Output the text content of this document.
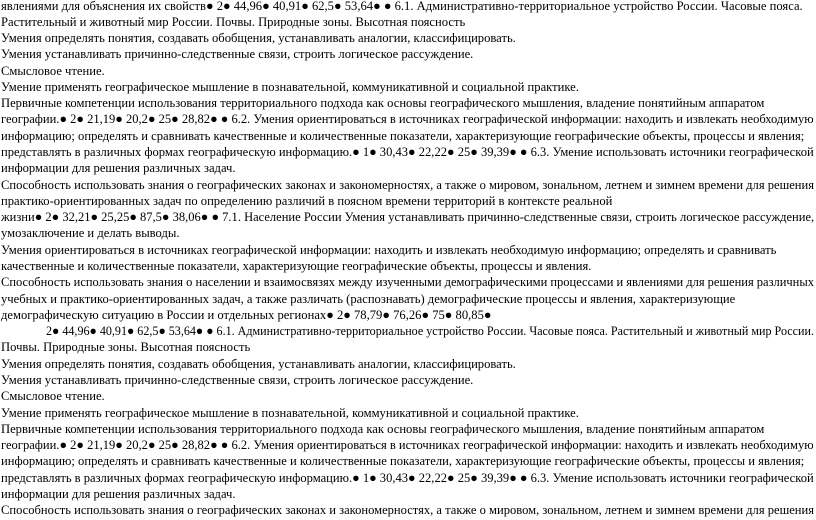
явлениями для объяснения их свойств● 2● 44,96● 40,91● 62,5● 53,64● ● 6.1. Административно-территориальное устройство России. Часовые пояса.
Растительный и животный мир России. Почвы. Природные зоны. Высотная поясность
Умения определять понятия, создавать обобщения, устанавливать аналогии, классифицировать.
Умения устанавливать причинно-следственные связи, строить логическое рассуждение.
Смысловое чтение.
Умение применять географическое мышление в познавательной, коммуникативной и социальной практике.
Первичные компетенции использования территориального подхода как основы географического мышления, владение понятийным аппаратом
географии.● 2● 21,19● 20,2● 25● 28,82● ● 6.2. Умения ориентироваться в источниках географической информации: находить и извлекать необходимую
информацию; определять и сравнивать качественные и количественные показатели, характеризующие географические объекты, процессы и явления;
представлять в различных формах географическую информацию.● 1● 30,43● 22,22● 25● 39,39● ● 6.3. Умение использовать источники географической
информации для решения различных задач.
Способность использовать знания о географических законах и закономерностях, а также о мировом, зональном, летнем и зимнем времени для решения
практико-ориентированных задач по определению различий в поясном времени территорий в контексте реальной
жизни● 2● 32,21● 25,25● 87,5● 38,06● ● 7.1. Население России Умения устанавливать причинно-следственные связи, строить логическое рассуждение,
умозаключение и делать выводы.
Умения ориентироваться в источниках географической информации: находить и извлекать необходимую информацию; определять и сравнивать
качественные и количественные показатели, характеризующие географические объекты, процессы и явления.
Способность использовать знания о населении и взаимосвязях между изученными демографическими процессами и явлениями для решения различных
учебных и практико-ориентированных задач, а также различать (распознавать) демографические процессы и явления, характеризующие
демографическую ситуацию в России и отдельных регионах● 2● 78,79● 76,26● 75● 80,85●
2● 44,96● 40,91● 62,5● 53,64● ● 6.1. Административно-территориальное устройство России. Часовые пояса. Растительный и животный мир России.
Почвы. Природные зоны. Высотная поясность
Умения определять понятия, создавать обобщения, устанавливать аналогии, классифицировать.
Умения устанавливать причинно-следственные связи, строить логическое рассуждение.
Смысловое чтение.
Умение применять географическое мышление в познавательной, коммуникативной и социальной практике.
Первичные компетенции использования территориального подхода как основы географического мышления, владение понятийным аппаратом
географии.● 2● 21,19● 20,2● 25● 28,82● ● 6.2. Умения ориентироваться в источниках географической информации: находить и извлекать необходимую
информацию; определять и сравнивать качественные и количественные показатели, характеризующие географические объекты, процессы и явления;
представлять в различных формах географическую информацию.● 1● 30,43● 22,22● 25● 39,39● ● 6.3. Умение использовать источники географической
информации для решения различных задач.
Способность использовать знания о географических законах и закономерностях, а также о мировом, зональном, летнем и зимнем времени для решения
